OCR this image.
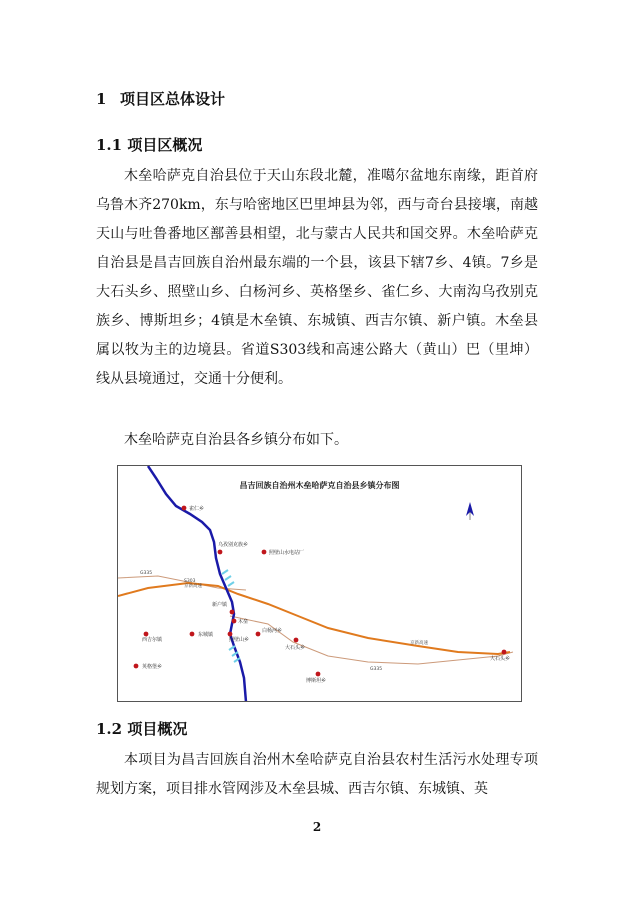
1 项目区总体设计
1.1 项目区概况

木垒哈萨克自治县位于天山东段北麓，准噶尔盆地东南缘，距首府乌鲁木齐270km，东与哈密地区巴里坤县为邻，西与奇台县接壤，南越天山与吐鲁番地区鄯善县相望，北与蒙古人民共和国交界。木垒哈萨克自治县是昌吉回族自治州最东端的一个县，该县下辖7乡、4镇。7乡是大石头乡、照壁山乡、白杨河乡、英格堡乡、雀仁乡、大南沟乌孜别克族乡、博斯坦乡；4镇是木垒镇、东城镇、西吉尔镇、新户镇。木垒县属以牧为主的边境县。省道S303线和高速公路大（黄山）巴（里坤）线从县境通过，交通十分便利。

木垒哈萨克自治县各乡镇分布如下。

昌吉回族自治州木垒哈萨克自治县乡镇分布图
雀仁乡
乌孜别克族乡
照壁山水电站厂
新户镇
木垒
白杨河乡
西吉尔镇
东城镇
照壁山乡
大石头乡
英格堡乡
博斯坦乡
大石头乡
G335
S303
京新高速
京新高速
G335
1.2 项目概况

本项目为昌吉回族自治州木垒哈萨克自治县农村生活污水处理专项规划方案，项目排水管网涉及木垒县城、西吉尔镇、东城镇、英

2
